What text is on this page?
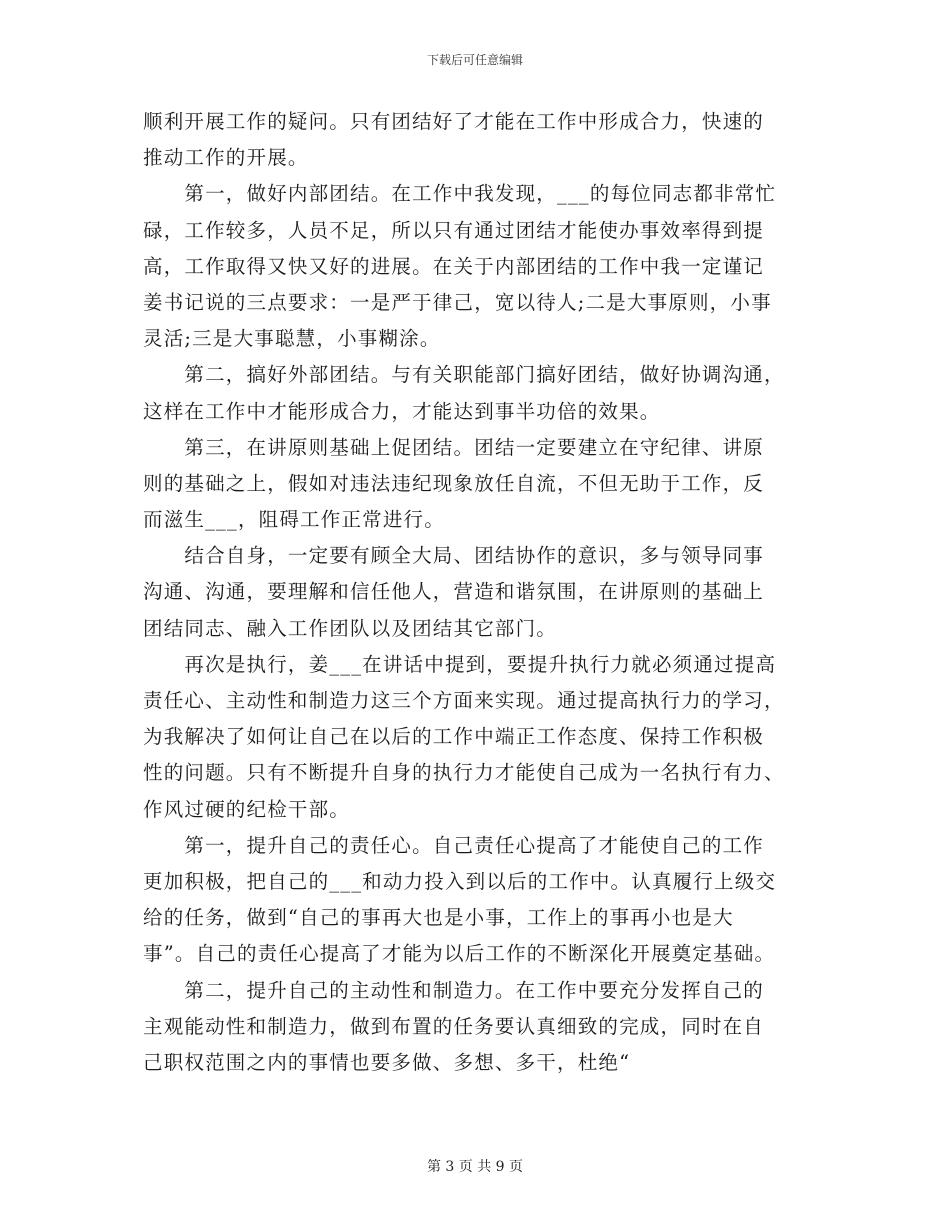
下载后可任意编辑

顺利开展工作的疑问。只有团结好了才能在工作中形成合力，快速的
推动工作的开展。

　　第一，做好内部团结。在工作中我发现，___的每位同志都非常忙
碌，工作较多，人员不足，所以只有通过团结才能使办事效率得到提
高，工作取得又快又好的进展。在关于内部团结的工作中我一定谨记
姜书记说的三点要求：一是严于律己，宽以待人;二是大事原则，小事
灵活;三是大事聪慧，小事糊涂。

　　第二，搞好外部团结。与有关职能部门搞好团结，做好协调沟通，
这样在工作中才能形成合力，才能达到事半功倍的效果。

　　第三，在讲原则基础上促团结。团结一定要建立在守纪律、讲原
则的基础之上，假如对违法违纪现象放任自流，不但无助于工作，反
而滋生___，阻碍工作正常进行。

　　结合自身，一定要有顾全大局、团结协作的意识，多与领导同事
沟通、沟通，要理解和信任他人，营造和谐氛围，在讲原则的基础上
团结同志、融入工作团队以及团结其它部门。

　　再次是执行，姜___在讲话中提到，要提升执行力就必须通过提高
责任心、主动性和制造力这三个方面来实现。通过提高执行力的学习，
为我解决了如何让自己在以后的工作中端正工作态度、保持工作积极
性的问题。只有不断提升自身的执行力才能使自己成为一名执行有力、
作风过硬的纪检干部。

　　第一，提升自己的责任心。自己责任心提高了才能使自己的工作
更加积极，把自己的___和动力投入到以后的工作中。认真履行上级交
给的任务，做到“自己的事再大也是小事，工作上的事再小也是大
事”。自己的责任心提高了才能为以后工作的不断深化开展奠定基础。

　　第二，提升自己的主动性和制造力。在工作中要充分发挥自己的
主观能动性和制造力，做到布置的任务要认真细致的完成，同时在自
己职权范围之内的事情也要多做、多想、多干，杜绝“

第 3 页 共 9 页
